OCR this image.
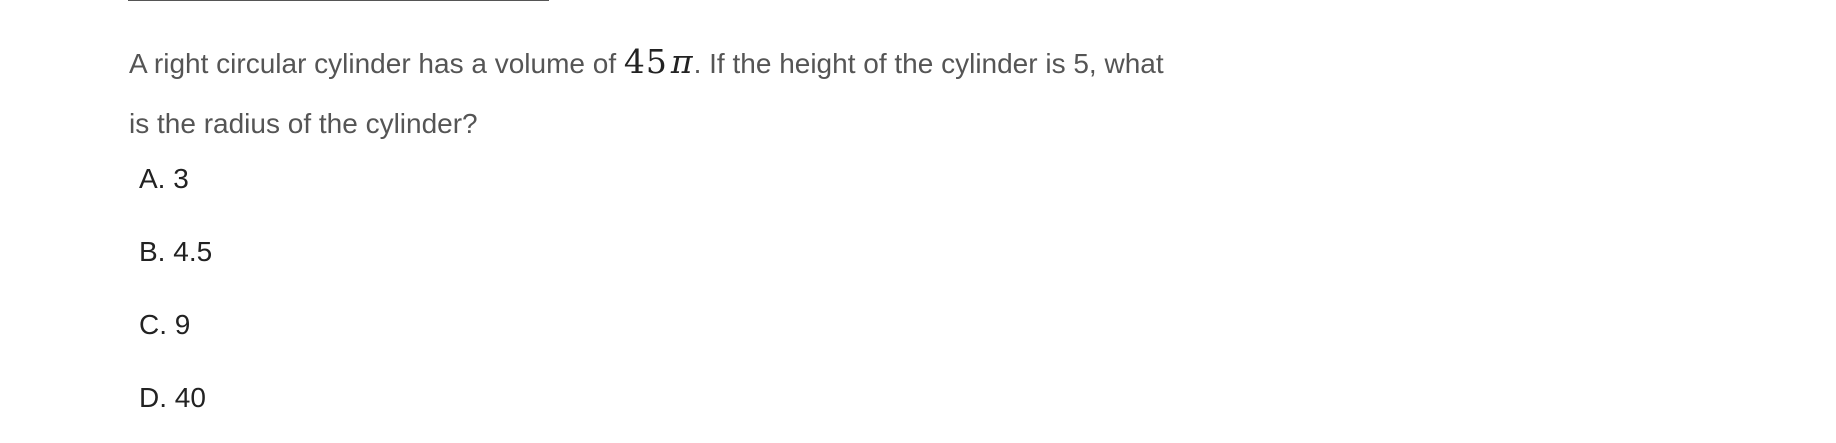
A right circular cylinder has a volume of 45π. If the height of the cylinder is 5, what is the radius of the cylinder?
A. 3
B. 4.5
C. 9
D. 40
